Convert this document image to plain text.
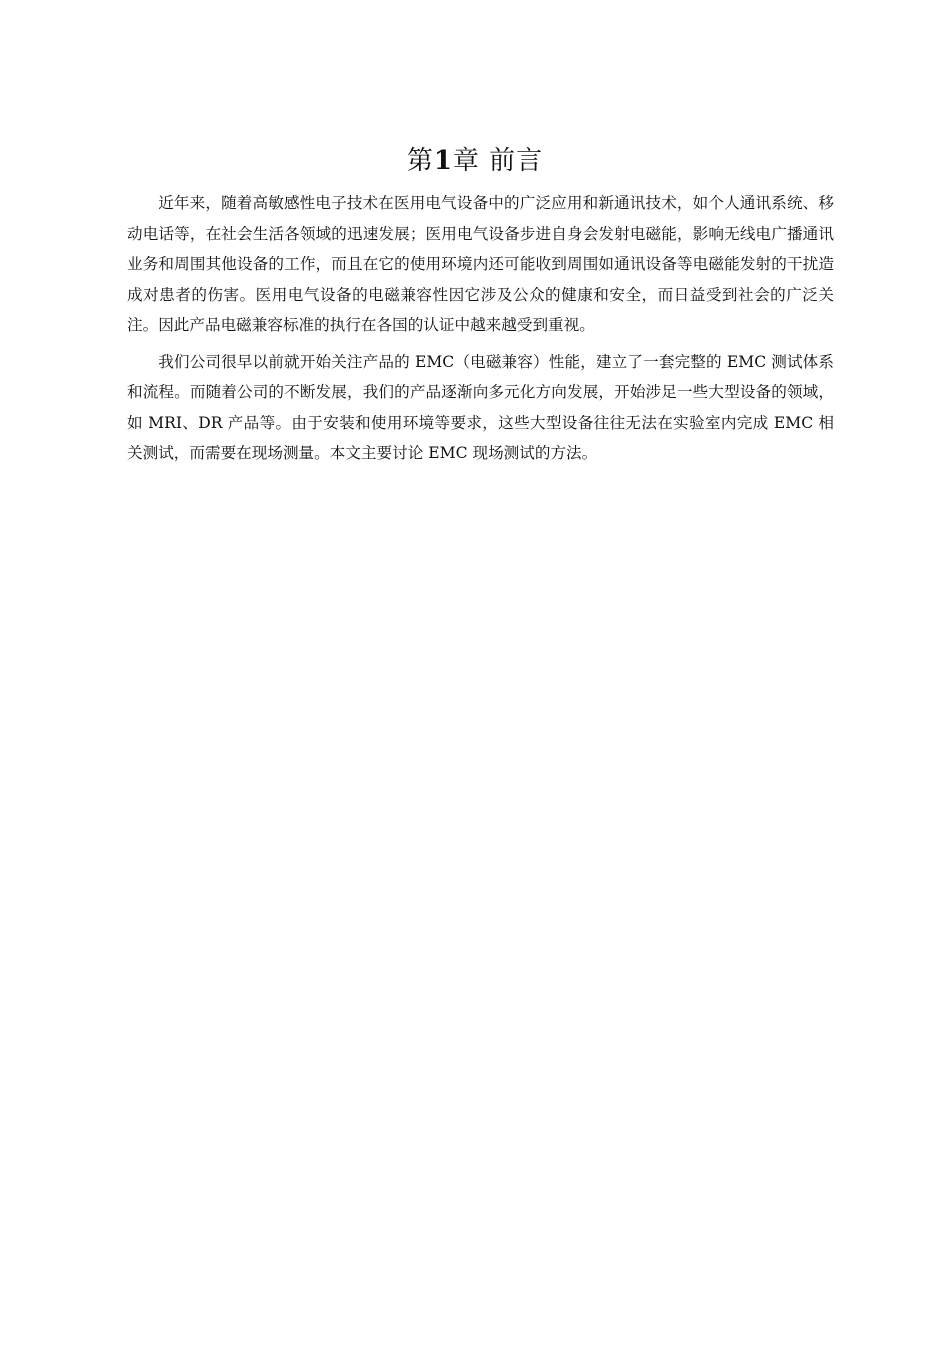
第1章 前言

近年来，随着高敏感性电子技术在医用电气设备中的广泛应用和新通讯技术，如个人通讯系统、移动电话等，在社会生活各领域的迅速发展；医用电气设备步进自身会发射电磁能，影响无线电广播通讯业务和周围其他设备的工作，而且在它的使用环境内还可能收到周围如通讯设备等电磁能发射的干扰造成对患者的伤害。医用电气设备的电磁兼容性因它涉及公众的健康和安全，而日益受到社会的广泛关注。因此产品电磁兼容标准的执行在各国的认证中越来越受到重视。

我们公司很早以前就开始关注产品的 EMC（电磁兼容）性能，建立了一套完整的 EMC 测试体系和流程。而随着公司的不断发展，我们的产品逐渐向多元化方向发展，开始涉足一些大型设备的领域，如 MRI、DR 产品等。由于安装和使用环境等要求，这些大型设备往往无法在实验室内完成 EMC 相关测试，而需要在现场测量。本文主要讨论 EMC 现场测试的方法。
